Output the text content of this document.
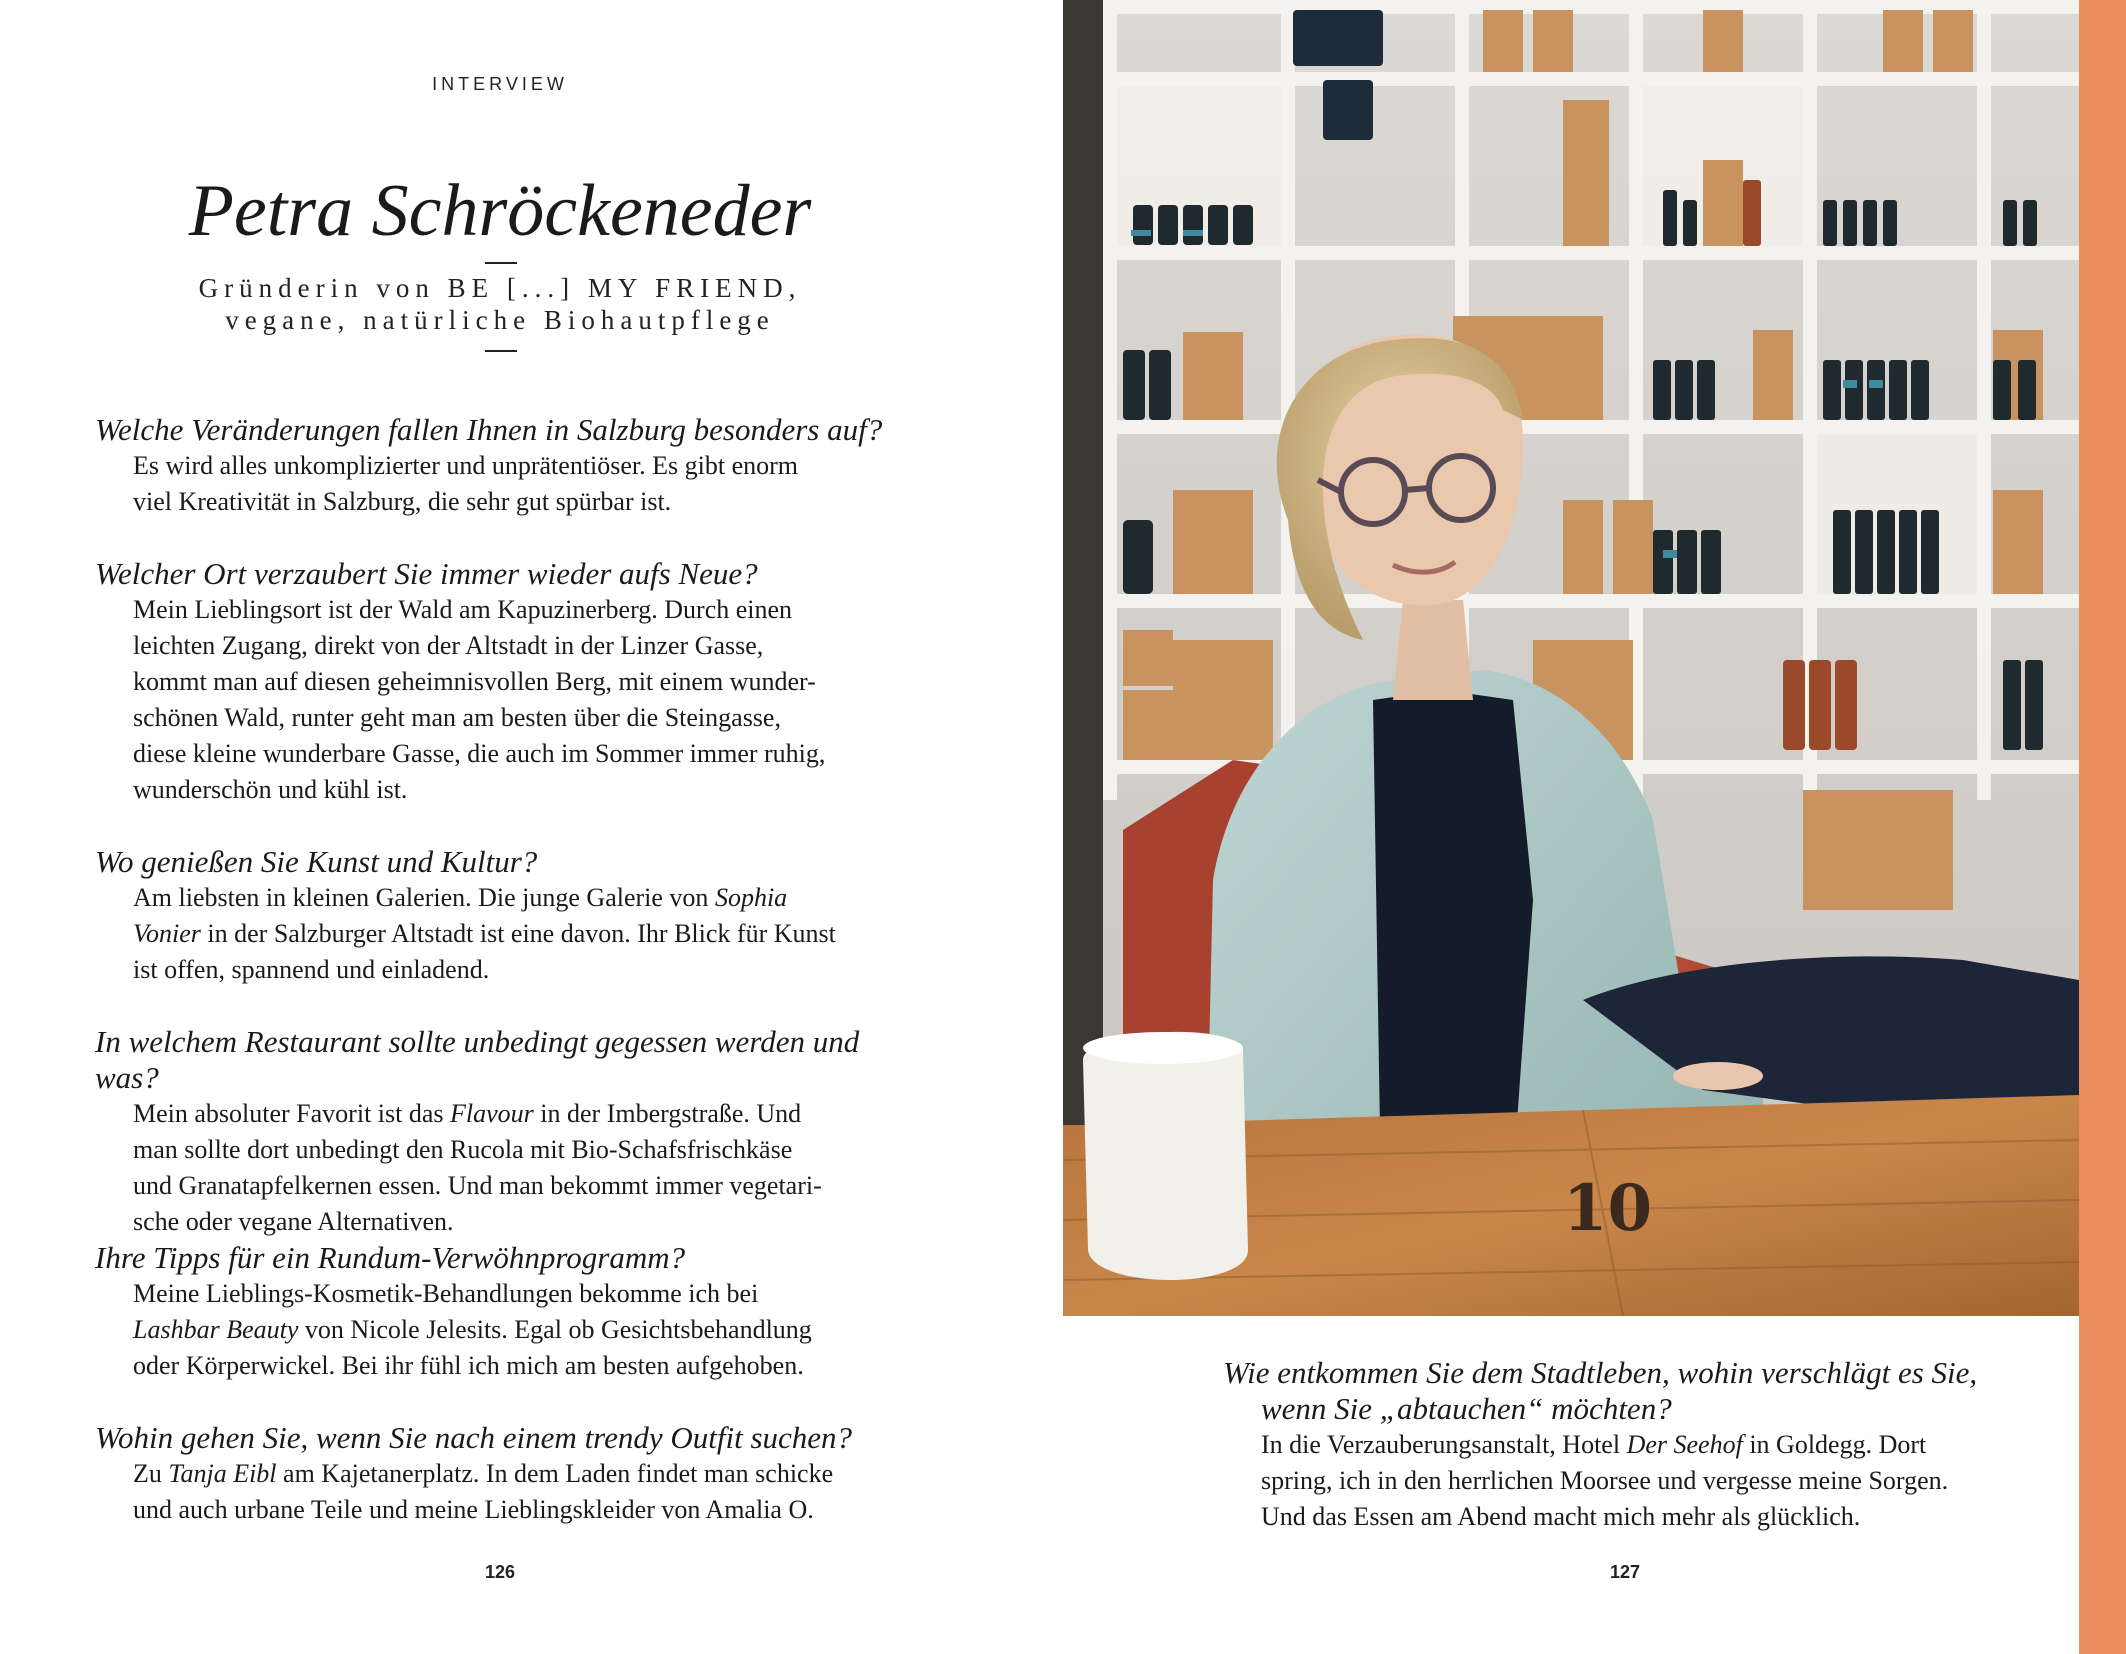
INTERVIEW
Petra Schröckeneder
Gründerin von BE [...] MY FRIEND,
vegane, natürliche Biohautpflege
Welche Veränderungen fallen Ihnen in Salzburg besonders auf?
Es wird alles unkomplizierter und unprätentiöser. Es gibt enorm
viel Kreativität in Salzburg, die sehr gut spürbar ist.
Welcher Ort verzaubert Sie immer wieder aufs Neue?
Mein Lieblingsort ist der Wald am Kapuzinerberg. Durch einen
leichten Zugang, direkt von der Altstadt in der Linzer Gasse,
kommt man auf diesen geheimnisvollen Berg, mit einem wunder-
schönen Wald, runter geht man am besten über die Steingasse,
diese kleine wunderbare Gasse, die auch im Sommer immer ruhig,
wunderschön und kühl ist.
Wo genießen Sie Kunst und Kultur?
Am liebsten in kleinen Galerien. Die junge Galerie von Sophia
Vonier in der Salzburger Altstadt ist eine davon. Ihr Blick für Kunst
ist offen, spannend und einladend.
In welchem Restaurant sollte unbedingt gegessen werden und was?
Mein absoluter Favorit ist das Flavour in der Imbergstraße. Und
man sollte dort unbedingt den Rucola mit Bio-Schafsfrischkäse
und Granatapfelkernen essen. Und man bekommt immer vegetari-
sche oder vegane Alternativen.
Ihre Tipps für ein Rundum-Verwöhnprogramm?
Meine Lieblings-Kosmetik-Behandlungen bekomme ich bei
Lashbar Beauty von Nicole Jelesits. Egal ob Gesichtsbehandlung
oder Körperwickel. Bei ihr fühl ich mich am besten aufgehoben.
Wohin gehen Sie, wenn Sie nach einem trendy Outfit suchen?
Zu Tanja Eibl am Kajetanerplatz. In dem Laden findet man schicke
und auch urbane Teile und meine Lieblingskleider von Amalia O.
126
10
Wie entkommen Sie dem Stadtleben, wohin verschlägt es Sie,
wenn Sie „abtauchen“ möchten?
In die Verzauberungsanstalt, Hotel Der Seehof in Goldegg. Dort
spring, ich in den herrlichen Moorsee und vergesse meine Sorgen.
Und das Essen am Abend macht mich mehr als glücklich.
127
